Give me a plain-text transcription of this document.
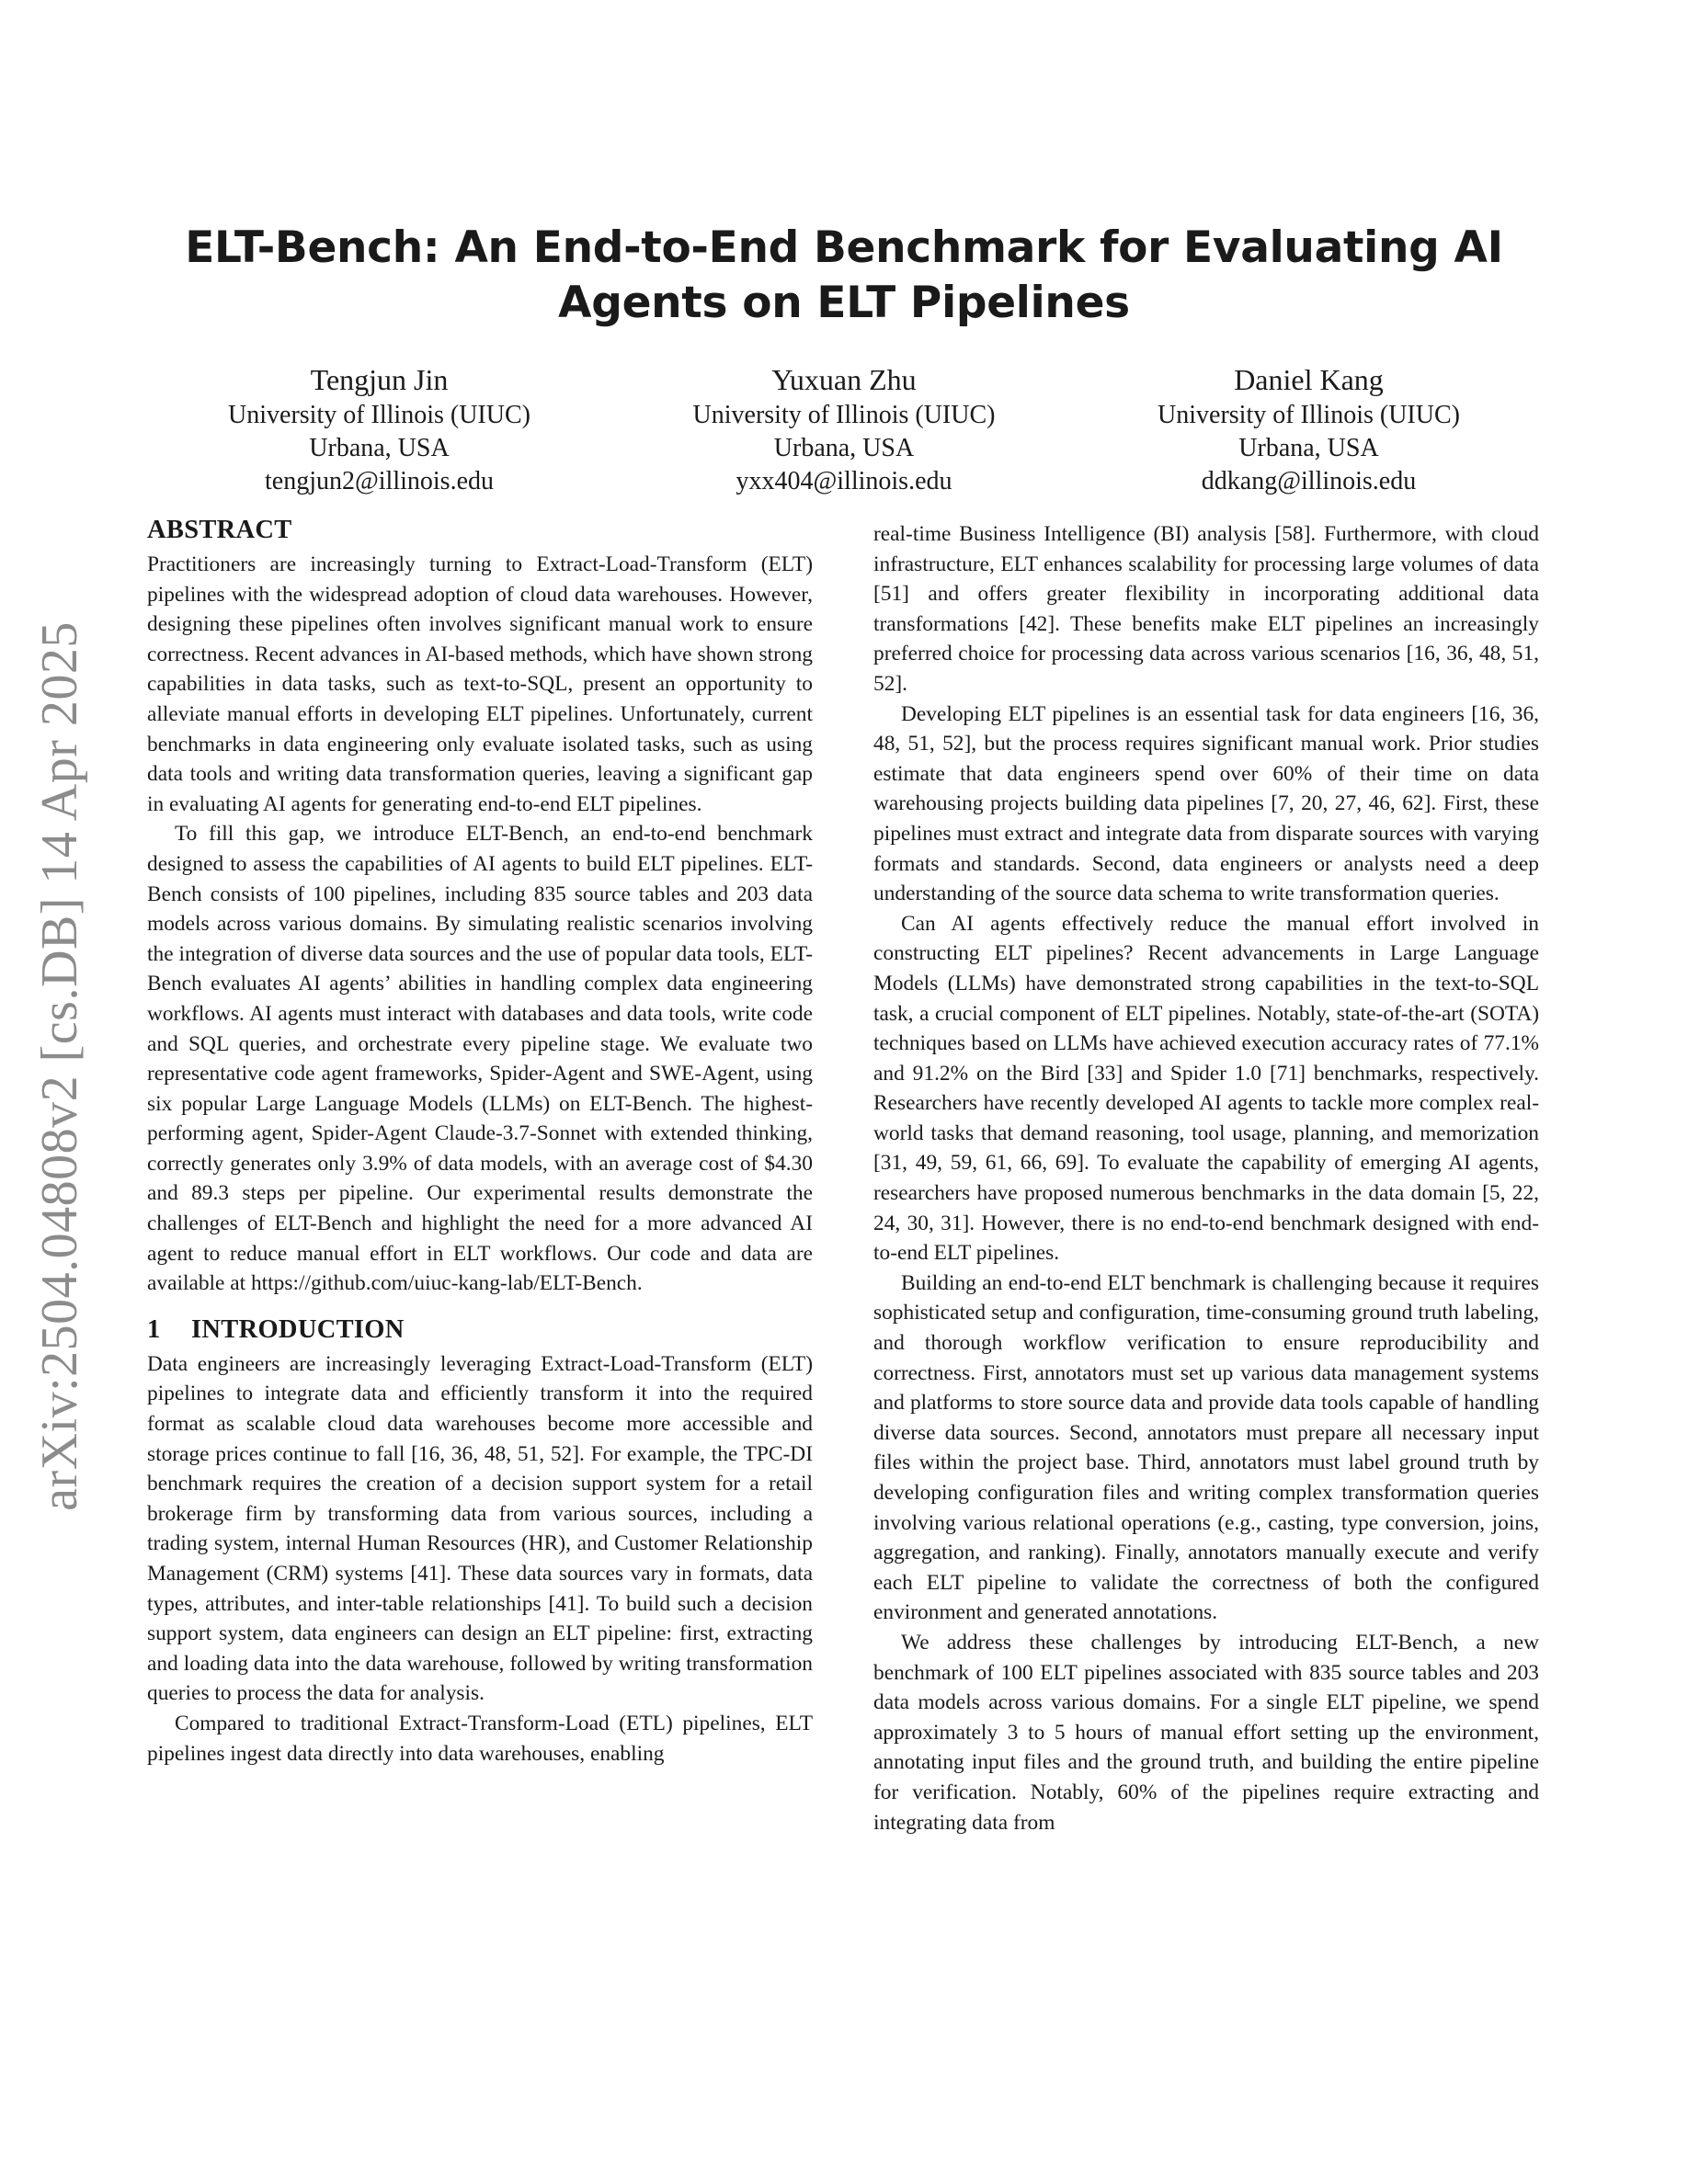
ELT-Bench: An End-to-End Benchmark for Evaluating AI Agents on ELT Pipelines
Tengjun Jin
University of Illinois (UIUC)
Urbana, USA
tengjun2@illinois.edu
Yuxuan Zhu
University of Illinois (UIUC)
Urbana, USA
yxx404@illinois.edu
Daniel Kang
University of Illinois (UIUC)
Urbana, USA
ddkang@illinois.edu
arXiv:2504.04808v2 [cs.DB] 14 Apr 2025
ABSTRACT

Practitioners are increasingly turning to Extract-Load-Transform (ELT) pipelines with the widespread adoption of cloud data warehouses. However, designing these pipelines often involves significant manual work to ensure correctness. Recent advances in AI-based methods, which have shown strong capabilities in data tasks, such as text-to-SQL, present an opportunity to alleviate manual efforts in developing ELT pipelines. Unfortunately, current benchmarks in data engineering only evaluate isolated tasks, such as using data tools and writing data transformation queries, leaving a significant gap in evaluating AI agents for generating end-to-end ELT pipelines.

To fill this gap, we introduce ELT-Bench, an end-to-end benchmark designed to assess the capabilities of AI agents to build ELT pipelines. ELT-Bench consists of 100 pipelines, including 835 source tables and 203 data models across various domains. By simulating realistic scenarios involving the integration of diverse data sources and the use of popular data tools, ELT-Bench evaluates AI agents’ abilities in handling complex data engineering workflows. AI agents must interact with databases and data tools, write code and SQL queries, and orchestrate every pipeline stage. We evaluate two representative code agent frameworks, Spider-Agent and SWE-Agent, using six popular Large Language Models (LLMs) on ELT-Bench. The highest-performing agent, Spider-Agent Claude-3.7-Sonnet with extended thinking, correctly generates only 3.9% of data models, with an average cost of $4.30 and 89.3 steps per pipeline. Our experimental results demonstrate the challenges of ELT-Bench and highlight the need for a more advanced AI agent to reduce manual effort in ELT workflows. Our code and data are available at https://github.com/uiuc-kang-lab/ELT-Bench.

1 INTRODUCTION

Data engineers are increasingly leveraging Extract-Load-Transform (ELT) pipelines to integrate data and efficiently transform it into the required format as scalable cloud data warehouses become more accessible and storage prices continue to fall [16, 36, 48, 51, 52]. For example, the TPC-DI benchmark requires the creation of a decision support system for a retail brokerage firm by transforming data from various sources, including a trading system, internal Human Resources (HR), and Customer Relationship Management (CRM) systems [41]. These data sources vary in formats, data types, attributes, and inter-table relationships [41]. To build such a decision support system, data engineers can design an ELT pipeline: first, extracting and loading data into the data warehouse, followed by writing transformation queries to process the data for analysis.

Compared to traditional Extract-Transform-Load (ETL) pipelines, ELT pipelines ingest data directly into data warehouses, enabling

real-time Business Intelligence (BI) analysis [58]. Furthermore, with cloud infrastructure, ELT enhances scalability for processing large volumes of data [51] and offers greater flexibility in incorporating additional data transformations [42]. These benefits make ELT pipelines an increasingly preferred choice for processing data across various scenarios [16, 36, 48, 51, 52].

Developing ELT pipelines is an essential task for data engineers [16, 36, 48, 51, 52], but the process requires significant manual work. Prior studies estimate that data engineers spend over 60% of their time on data warehousing projects building data pipelines [7, 20, 27, 46, 62]. First, these pipelines must extract and integrate data from disparate sources with varying formats and standards. Second, data engineers or analysts need a deep understanding of the source data schema to write transformation queries.

Can AI agents effectively reduce the manual effort involved in constructing ELT pipelines? Recent advancements in Large Language Models (LLMs) have demonstrated strong capabilities in the text-to-SQL task, a crucial component of ELT pipelines. Notably, state-of-the-art (SOTA) techniques based on LLMs have achieved execution accuracy rates of 77.1% and 91.2% on the Bird [33] and Spider 1.0 [71] benchmarks, respectively. Researchers have recently developed AI agents to tackle more complex real-world tasks that demand reasoning, tool usage, planning, and memorization [31, 49, 59, 61, 66, 69]. To evaluate the capability of emerging AI agents, researchers have proposed numerous benchmarks in the data domain [5, 22, 24, 30, 31]. However, there is no end-to-end benchmark designed with end-to-end ELT pipelines.

Building an end-to-end ELT benchmark is challenging because it requires sophisticated setup and configuration, time-consuming ground truth labeling, and thorough workflow verification to ensure reproducibility and correctness. First, annotators must set up various data management systems and platforms to store source data and provide data tools capable of handling diverse data sources. Second, annotators must prepare all necessary input files within the project base. Third, annotators must label ground truth by developing configuration files and writing complex transformation queries involving various relational operations (e.g., casting, type conversion, joins, aggregation, and ranking). Finally, annotators manually execute and verify each ELT pipeline to validate the correctness of both the configured environment and generated annotations.

We address these challenges by introducing ELT-Bench, a new benchmark of 100 ELT pipelines associated with 835 source tables and 203 data models across various domains. For a single ELT pipeline, we spend approximately 3 to 5 hours of manual effort setting up the environment, annotating input files and the ground truth, and building the entire pipeline for verification. Notably, 60% of the pipelines require extracting and integrating data from
